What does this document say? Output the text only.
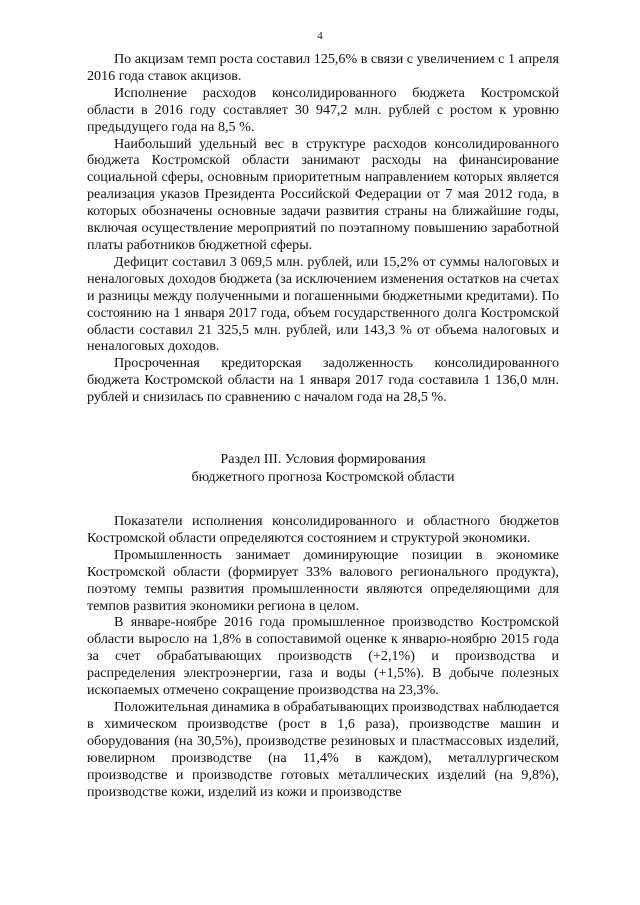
4

По акцизам темп роста составил 125,6% в связи с увеличением с 1 апреля 2016 года ставок акцизов.

Исполнение расходов консолидированного бюджета Костромской области в 2016 году составляет 30 947,2 млн. рублей с ростом к уровню предыдущего года на 8,5 %.

Наибольший удельный вес в структуре расходов консолидированного бюджета Костромской области занимают расходы на финансирование социальной сферы, основным приоритетным направлением которых является реализация указов Президента Российской Федерации от 7 мая 2012 года, в которых обозначены основные задачи развития страны на ближайшие годы, включая осуществление мероприятий по поэтапному повышению заработной платы работников бюджетной сферы.

Дефицит составил 3 069,5 млн. рублей, или 15,2% от суммы налоговых и неналоговых доходов бюджета (за исключением изменения остатков на счетах и разницы между полученными и погашенными бюджетными кредитами). По состоянию на 1 января 2017 года, объем государственного долга Костромской области составил 21 325,5 млн. рублей, или 143,3 % от объема налоговых и неналоговых доходов.

Просроченная кредиторская задолженность консолидированного бюджета Костромской области на 1 января 2017 года составила 1 136,0 млн. рублей и снизилась по сравнению с началом года на 28,5 %.

Раздел III. Условия формирования
бюджетного прогноза Костромской области

Показатели исполнения консолидированного и областного бюджетов Костромской области определяются состоянием и структурой экономики.

Промышленность занимает доминирующие позиции в экономике Костромской области (формирует 33% валового регионального продукта), поэтому темпы развития промышленности являются определяющими для темпов развития экономики региона в целом.

В январе-ноябре 2016 года промышленное производство Костромской области выросло на 1,8% в сопоставимой оценке к январю-ноябрю 2015 года за счет обрабатывающих производств (+2,1%) и производства и распределения электроэнергии, газа и воды (+1,5%). В добыче полезных ископаемых отмечено сокращение производства на 23,3%.

Положительная динамика в обрабатывающих производствах наблюдается в химическом производстве (рост в 1,6 раза), производстве машин и оборудования (на 30,5%), производстве резиновых и пластмассовых изделий, ювелирном производстве (на 11,4% в каждом), металлургическом производстве и производстве готовых металлических изделий (на 9,8%), производстве кожи, изделий из кожи и производстве
